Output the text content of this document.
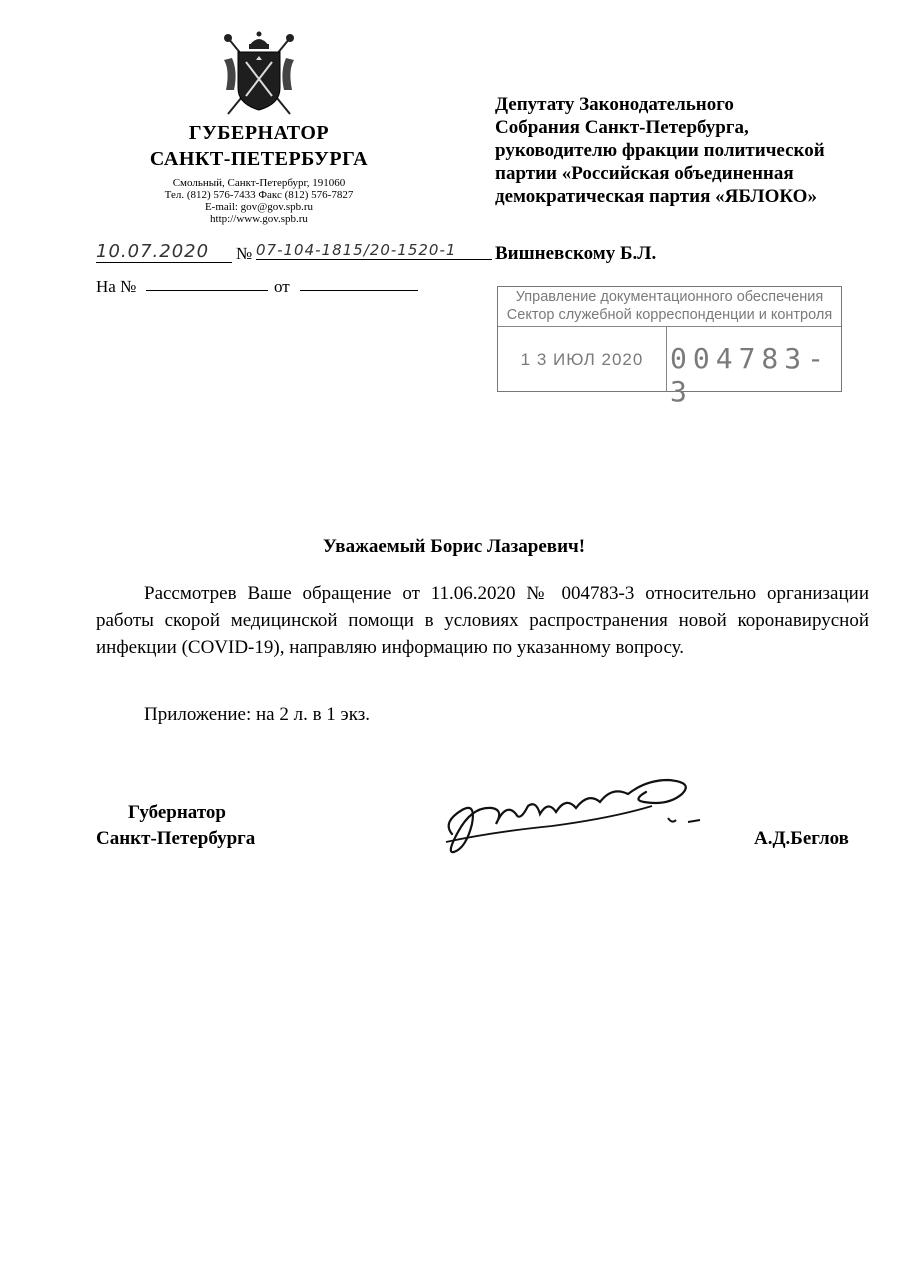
ГУБЕРНАТОР
САНКТ-ПЕТЕРБУРГА
Смольный, Санкт-Петербург, 191060
Тел. (812) 576-7433 Факс (812) 576-7827
E-mail: gov@gov.spb.ru
http://www.gov.spb.ru
10.07.2020	№ 07-104-1815/20-1520-1
На №	от
Депутату Законодательного
Собрания Санкт-Петербурга,
руководителю фракции политической
партии «Российская объединенная
демократическая партия «ЯБЛОКО»
Вишневскому Б.Л.
Управление документационного обеспечения
Сектор служебной корреспонденции и контроля
1 3 ИЮЛ 2020 004783-3
Уважаемый Борис Лазаревич!
Рассмотрев Ваше обращение от 11.06.2020 № 004783-3 относительно организации работы скорой медицинской помощи в условиях распространения новой коронавирусной инфекции (COVID-19), направляю информацию по указанному вопросу.
Приложение: на 2 л. в 1 экз.
Губернатор
Санкт-Петербурга	А.Д.Беглов
